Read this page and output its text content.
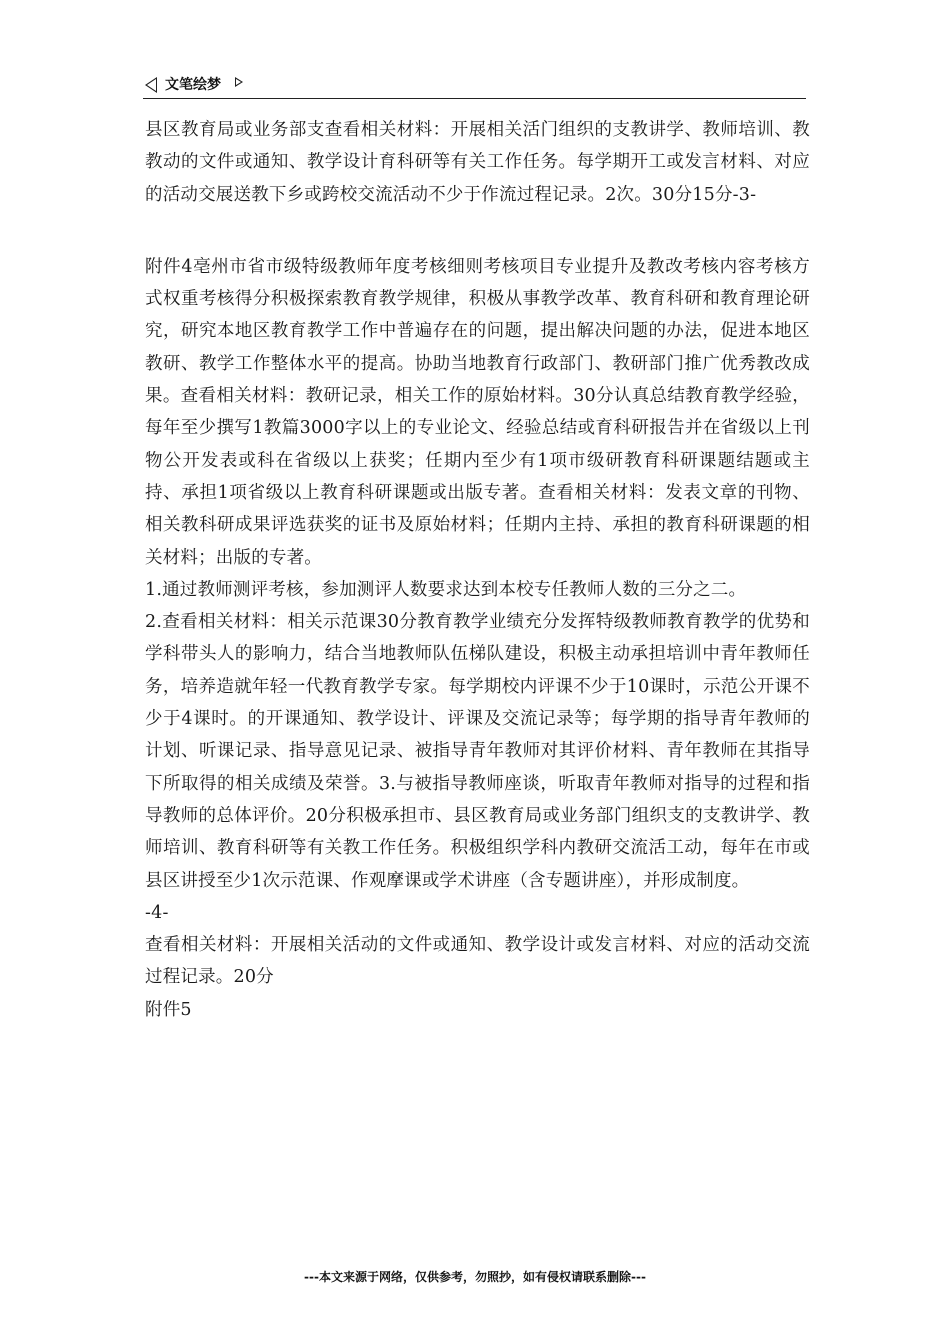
文笔绘梦

县区教育局或业务部支查看相关材料：开展相关活门组织的支教讲学、教师培训、教教动的文件或通知、教学设计育科研等有关工作任务。每学期开工或发言材料、对应的活动交展送教下乡或跨校交流活动不少于作流过程记录。2次。30分15分-3-

附件4亳州市省市级特级教师年度考核细则考核项目专业提升及教改考核内容考核方式权重考核得分积极探索教育教学规律，积极从事教学改革、教育科研和教育理论研究，研究本地区教育教学工作中普遍存在的问题，提出解决问题的办法，促进本地区教研、教学工作整体水平的提高。协助当地教育行政部门、教研部门推广优秀教改成果。查看相关材料：教研记录，相关工作的原始材料。30分认真总结教育教学经验，每年至少撰写1教篇3000字以上的专业论文、经验总结或育科研报告并在省级以上刊物公开发表或科在省级以上获奖；任期内至少有1项市级研教育科研课题结题或主持、承担1项省级以上教育科研课题或出版专著。查看相关材料：发表文章的刊物、相关教科研成果评选获奖的证书及原始材料；任期内主持、承担的教育科研课题的相关材料；出版的专著。

1.通过教师测评考核，参加测评人数要求达到本校专任教师人数的三分之二。

2.查看相关材料：相关示范课30分教育教学业绩充分发挥特级教师教育教学的优势和学科带头人的影响力，结合当地教师队伍梯队建设，积极主动承担培训中青年教师任务，培养造就年轻一代教育教学专家。每学期校内评课不少于10课时，示范公开课不少于4课时。的开课通知、教学设计、评课及交流记录等；每学期的指导青年教师的计划、听课记录、指导意见记录、被指导青年教师对其评价材料、青年教师在其指导下所取得的相关成绩及荣誉。3.与被指导教师座谈，听取青年教师对指导的过程和指导教师的总体评价。20分积极承担市、县区教育局或业务部门组织支的支教讲学、教师培训、教育科研等有关教工作任务。积极组织学科内教研交流活工动，每年在市或县区讲授至少1次示范课、作观摩课或学术讲座（含专题讲座），并形成制度。

-4-

查看相关材料：开展相关活动的文件或通知、教学设计或发言材料、对应的活动交流过程记录。20分

附件5

---本文来源于网络，仅供参考，勿照抄，如有侵权请联系删除---
